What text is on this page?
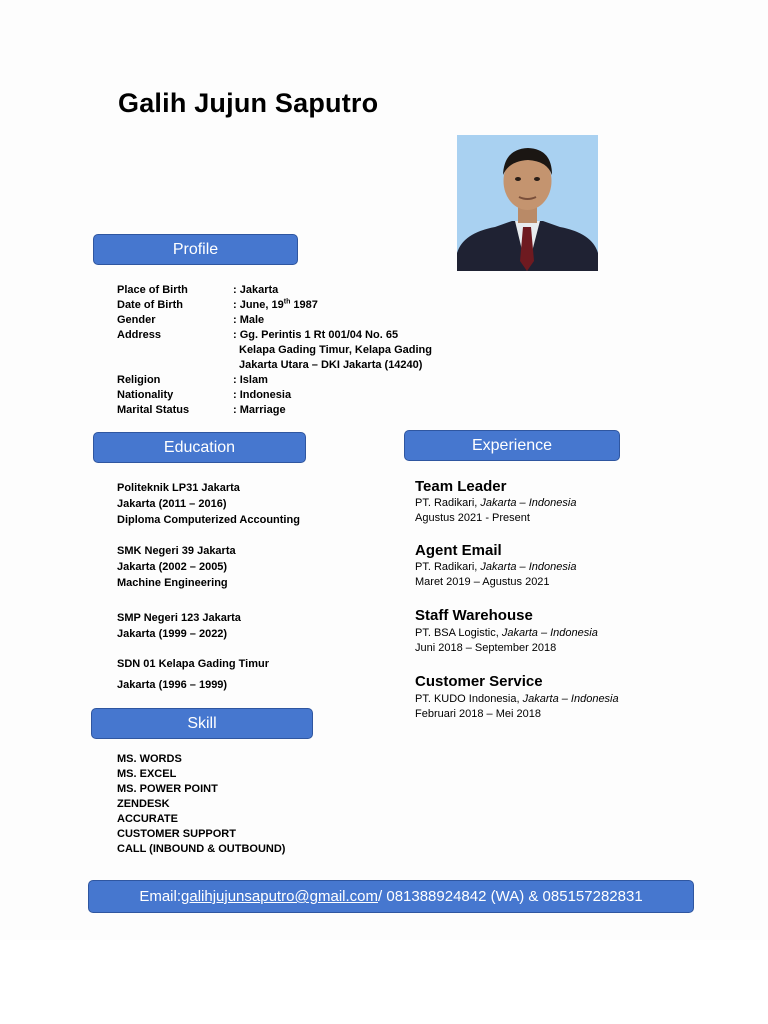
Galih Jujun Saputro
Profile
Place of Birth	: Jakarta
Date of Birth	: June, 19th 1987
Gender	: Male
Address	: Gg. Perintis 1 Rt 001/04 No. 65
Kelapa Gading Timur, Kelapa Gading
Jakarta Utara – DKI Jakarta (14240)
Religion	: Islam
Nationality	: Indonesia
Marital Status	: Marriage
Education
Politeknik LP31 Jakarta
Jakarta (2011 – 2016)
Diploma Computerized Accounting
SMK Negeri 39 Jakarta
Jakarta (2002 – 2005)
Machine Engineering
SMP Negeri 123 Jakarta
Jakarta (1999 – 2022)
SDN 01 Kelapa Gading Timur
Jakarta (1996 – 1999)
Experience
Team Leader
PT. Radikari, Jakarta – Indonesia
Agustus 2021 - Present
Agent Email
PT. Radikari, Jakarta – Indonesia
Maret 2019 – Agustus 2021
Staff Warehouse
PT. BSA Logistic, Jakarta – Indonesia
Juni 2018 – September 2018
Customer Service
PT. KUDO Indonesia, Jakarta – Indonesia
Februari 2018 – Mei 2018
Skill
MS. WORDS
MS. EXCEL
MS. POWER POINT
ZENDESK
ACCURATE
CUSTOMER SUPPORT
CALL (INBOUND & OUTBOUND)
Email: galihjujunsaputro@gmail.com / 081388924842 (WA) & 085157282831
